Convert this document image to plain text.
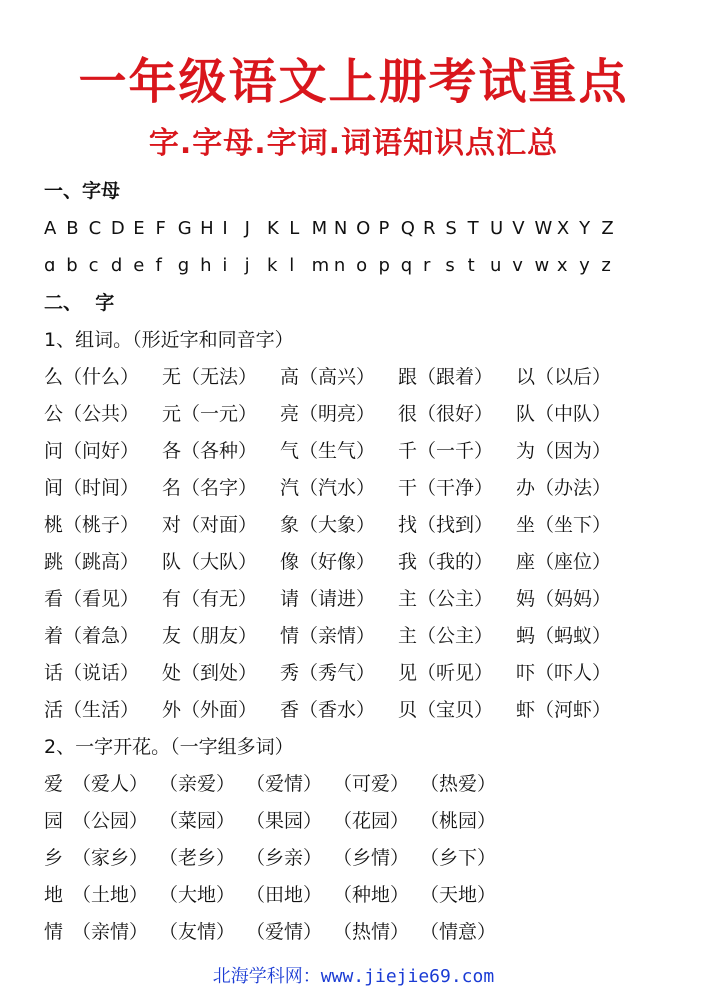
一年级语文上册考试重点
字.字母.字词.词语知识点汇总
一、字母
A B C D E F G H I J K L M N O P Q R S T U V W X Y Z
ɑ b c d e f g h i j k l m n o p q r s t u v w x y z
二、  字
1、组词。（形近字和同音字）
么（什么） 无（无法） 高（高兴） 跟（跟着） 以（以后）
公（公共） 元（一元） 亮（明亮） 很（很好） 队（中队）
问（问好） 各（各种） 气（生气） 千（一千） 为（因为）
间（时间） 名（名字） 汽（汽水） 干（干净） 办（办法）
桃（桃子） 对（对面） 象（大象） 找（找到） 坐（坐下）
跳（跳高） 队（大队） 像（好像） 我（我的） 座（座位）
看（看见） 有（有无） 请（请进） 主（公主） 妈（妈妈）
着（着急） 友（朋友） 情（亲情） 主（公主） 蚂（蚂蚁）
话（说话） 处（到处） 秀（秀气） 见（听见） 吓（吓人）
活（生活） 外（外面） 香（香水） 贝（宝贝） 虾（河虾）
2、一字开花。（一字组多词）
爱 （爱人） （亲爱） （爱情） （可爱） （热爱）
园 （公园） （菜园） （果园） （花园） （桃园）
乡 （家乡） （老乡） （乡亲） （乡情） （乡下）
地 （土地） （大地） （田地） （种地） （天地）
情 （亲情） （友情） （爱情） （热情） （情意）
北海学科网：www.jiejie69.com
